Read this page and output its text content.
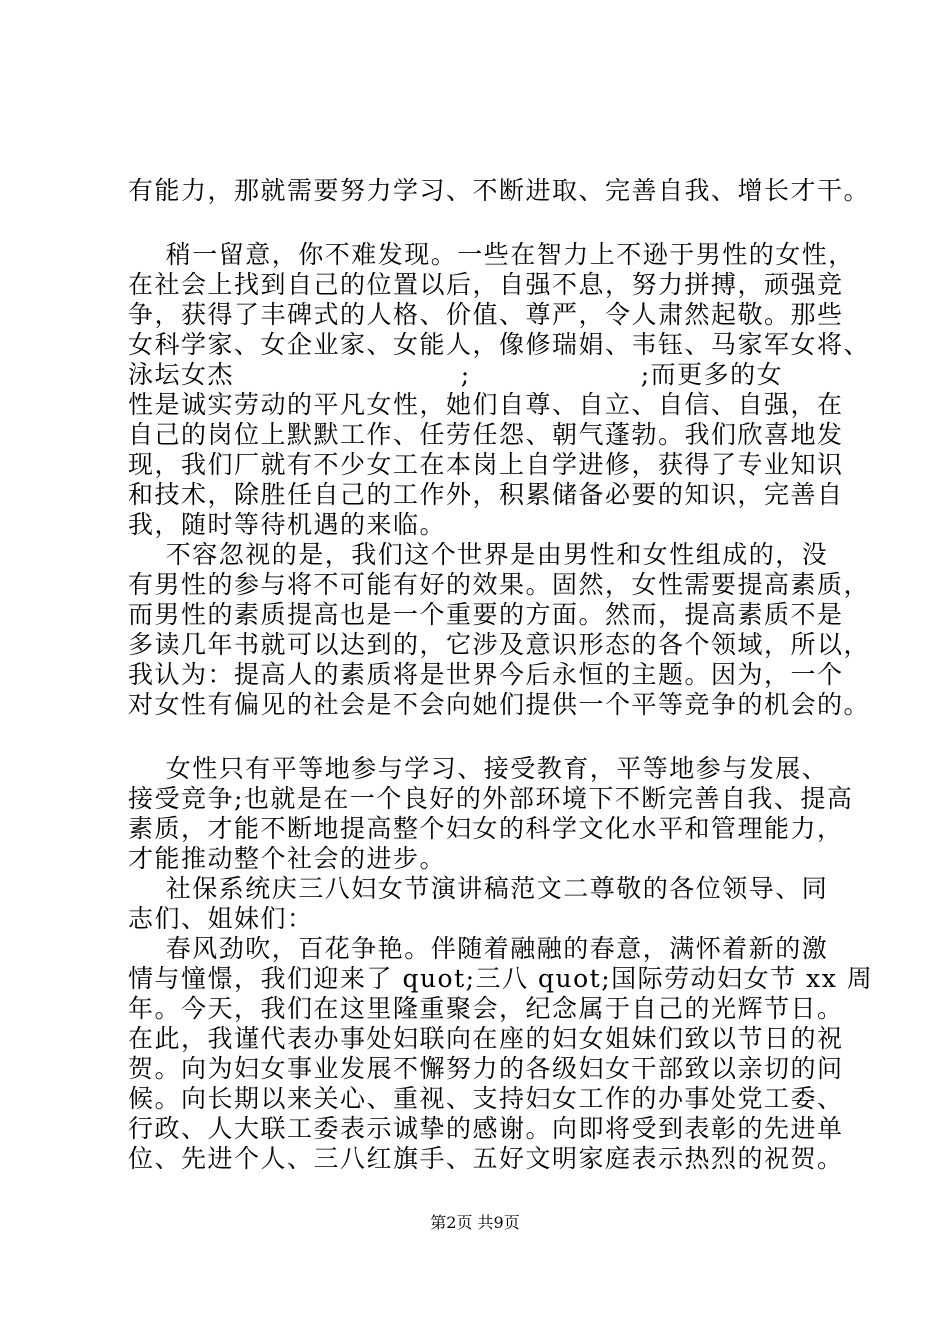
有能力，那就需要努力学习、不断进取、完善自我、增长才干。
稍一留意，你不难发现。一些在智力上不逊于男性的女性，
在社会上找到自己的位置以后，自强不息，努力拼搏，顽强竞
争，获得了丰碑式的人格、价值、尊严，令人肃然起敬。那些
女科学家、女企业家、女能人，像修瑞娟、韦钰、马家军女将、
泳坛女杰                        ;                  ;而更多的女
性是诚实劳动的平凡女性，她们自尊、自立、自信、自强，在
自己的岗位上默默工作、任劳任怨、朝气蓬勃。我们欣喜地发
现，我们厂就有不少女工在本岗上自学进修，获得了专业知识
和技术，除胜任自己的工作外，积累储备必要的知识，完善自
我，随时等待机遇的来临。
不容忽视的是，我们这个世界是由男性和女性组成的，没
有男性的参与将不可能有好的效果。固然，女性需要提高素质，
而男性的素质提高也是一个重要的方面。然而，提高素质不是
多读几年书就可以达到的，它涉及意识形态的各个领域，所以，
我认为：提高人的素质将是世界今后永恒的主题。因为，一个
对女性有偏见的社会是不会向她们提供一个平等竞争的机会的。
女性只有平等地参与学习、接受教育，平等地参与发展、
接受竞争;也就是在一个良好的外部环境下不断完善自我、提高
素质，才能不断地提高整个妇女的科学文化水平和管理能力，
才能推动整个社会的进步。
社保系统庆三八妇女节演讲稿范文二尊敬的各位领导、同
志们、姐妹们：
春风劲吹，百花争艳。伴随着融融的春意，满怀着新的激
情与憧憬，我们迎来了 quot;三八 quot;国际劳动妇女节 xx 周
年。今天，我们在这里隆重聚会，纪念属于自己的光辉节日。
在此，我谨代表办事处妇联向在座的妇女姐妹们致以节日的祝
贺。向为妇女事业发展不懈努力的各级妇女干部致以亲切的问
候。向长期以来关心、重视、支持妇女工作的办事处党工委、
行政、人大联工委表示诚挚的感谢。向即将受到表彰的先进单
位、先进个人、三八红旗手、五好文明家庭表示热烈的祝贺。
第2页 共9页
